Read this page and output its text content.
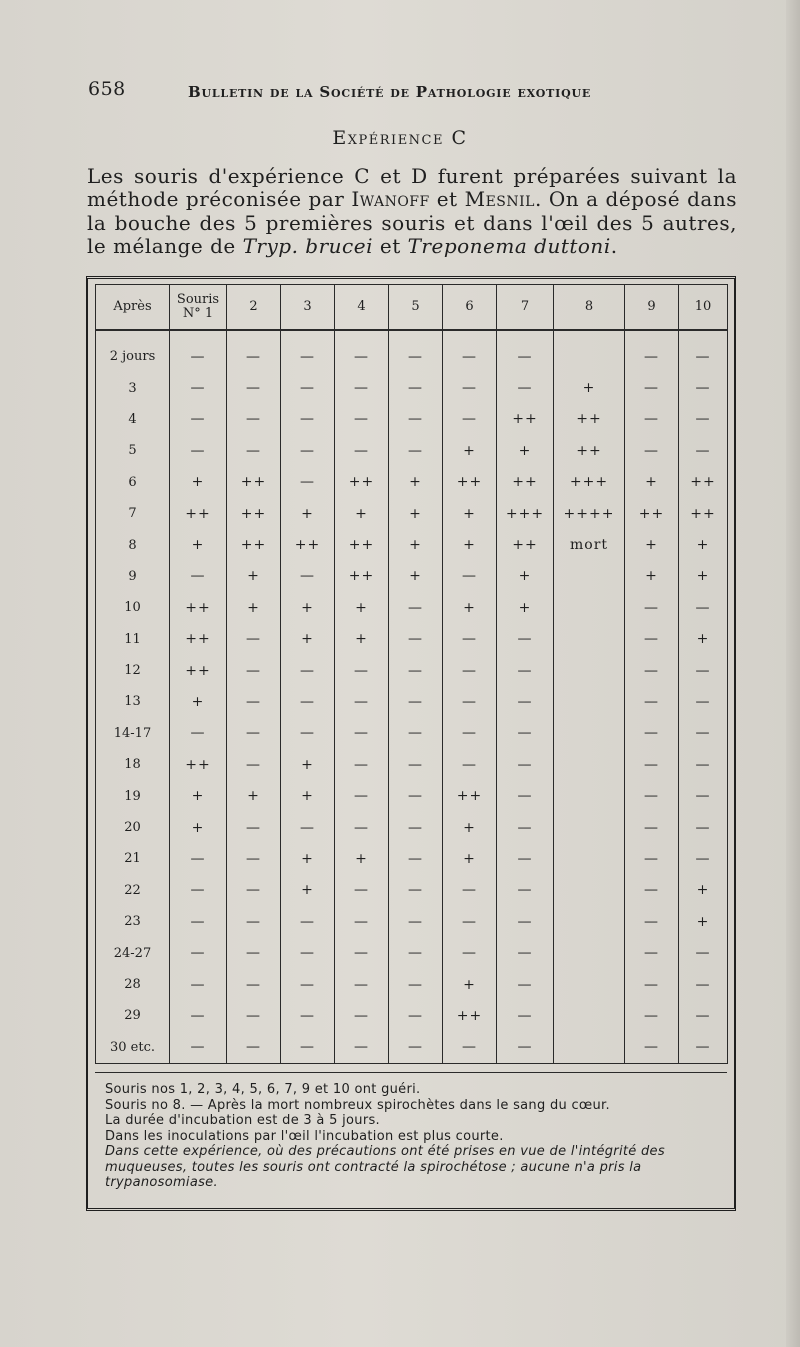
658	Bulletin de la Société de Pathologie exotique
Expérience C
Les souris d'expérience C et D furent préparées suivant la méthode préconisée par Iwanoff et Mesnil. On a déposé dans la bouche des 5 premières souris et dans l'œil des 5 autres, le mélange de Tryp. brucei et Treponema duttoni.
Après	Souris
N° 1	2	3	4	5	6	7	8	9	10
2 jours	—	—	—	—	—	—	—		—	—
3	—	—	—	—	—	—	—	+	—	—
4	—	—	—	—	—	—	++	++	—	—
5	—	—	—	—	—	+	+	++	—	—
6	+	++	—	++	+	++	++	+++	+	++
7	++	++	+	+	+	+	+++	++++	++	++
8	+	++	++	++	+	+	++	mort	+	+
9	—	+	—	++	+	—	+		+	+
10	++	+	+	+	—	+	+		—	—
11	++	—	+	+	—	—	—		—	+
12	++	—	—	—	—	—	—		—	—
13	+	—	—	—	—	—	—		—	—
14-17	—	—	—	—	—	—	—		—	—
18	++	—	+	—	—	—	—		—	—
19	+	+	+	—	—	++	—		—	—
20	+	—	—	—	—	+	—		—	—
21	—	—	+	+	—	+	—		—	—
22	—	—	+	—	—	—	—		—	+
23	—	—	—	—	—	—	—		—	+
24-27	—	—	—	—	—	—	—		—	—
28	—	—	—	—	—	+	—		—	—
29	—	—	—	—	—	++	—		—	—
30 etc.	—	—	—	—	—	—	—		—	—
Souris nos 1, 2, 3, 4, 5, 6, 7, 9 et 10 ont guéri.
Souris no 8. — Après la mort nombreux spirochètes dans le sang du cœur.
La durée d'incubation est de 3 à 5 jours.
Dans les inoculations par l'œil l'incubation est plus courte.
Dans cette expérience, où des précautions ont été prises en vue de l'intégrité des muqueuses, toutes les souris ont contracté la spirochétose ; aucune n'a pris la trypanosomiase.
